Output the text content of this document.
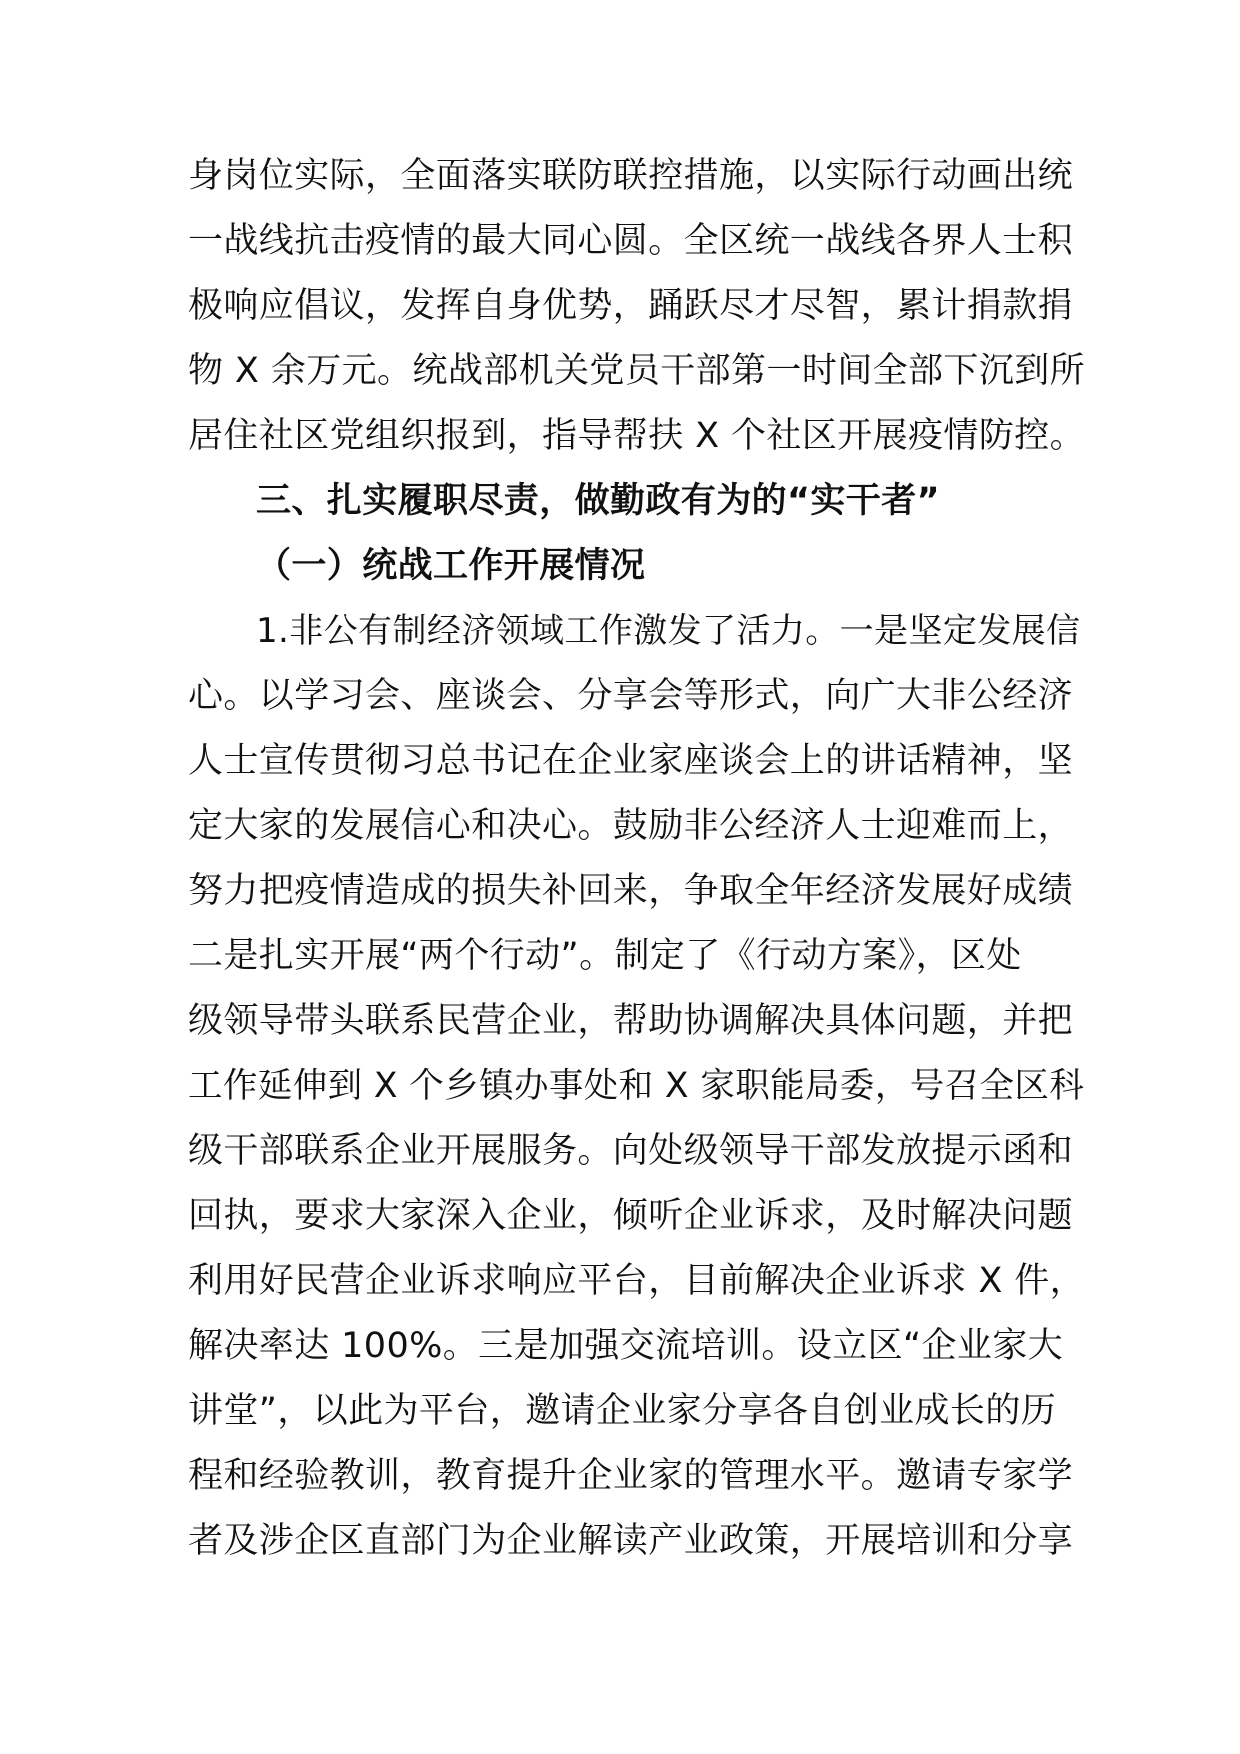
身岗位实际，全面落实联防联控措施，以实际行动画出统
一战线抗击疫情的最大同心圆。全区统一战线各界人士积
极响应倡议，发挥自身优势，踊跃尽才尽智，累计捐款捐
物 X 余万元。统战部机关党员干部第一时间全部下沉到所
居住社区党组织报到，指导帮扶 X 个社区开展疫情防控。
三、扎实履职尽责，做勤政有为的“实干者”
（一）统战工作开展情况
1.非公有制经济领域工作激发了活力。一是坚定发展信
心。以学习会、座谈会、分享会等形式，向广大非公经济
人士宣传贯彻习总书记在企业家座谈会上的讲话精神，坚
定大家的发展信心和决心。鼓励非公经济人士迎难而上，
努力把疫情造成的损失补回来，争取全年经济发展好成绩
二是扎实开展“两个行动”。制定了《行动方案》，区处
级领导带头联系民营企业，帮助协调解决具体问题，并把
工作延伸到 X 个乡镇办事处和 X 家职能局委，号召全区科
级干部联系企业开展服务。向处级领导干部发放提示函和
回执，要求大家深入企业，倾听企业诉求，及时解决问题
利用好民营企业诉求响应平台，目前解决企业诉求 X 件，
解决率达 100%。三是加强交流培训。设立区“企业家大
讲堂”，以此为平台，邀请企业家分享各自创业成长的历
程和经验教训，教育提升企业家的管理水平。邀请专家学
者及涉企区直部门为企业解读产业政策，开展培训和分享
